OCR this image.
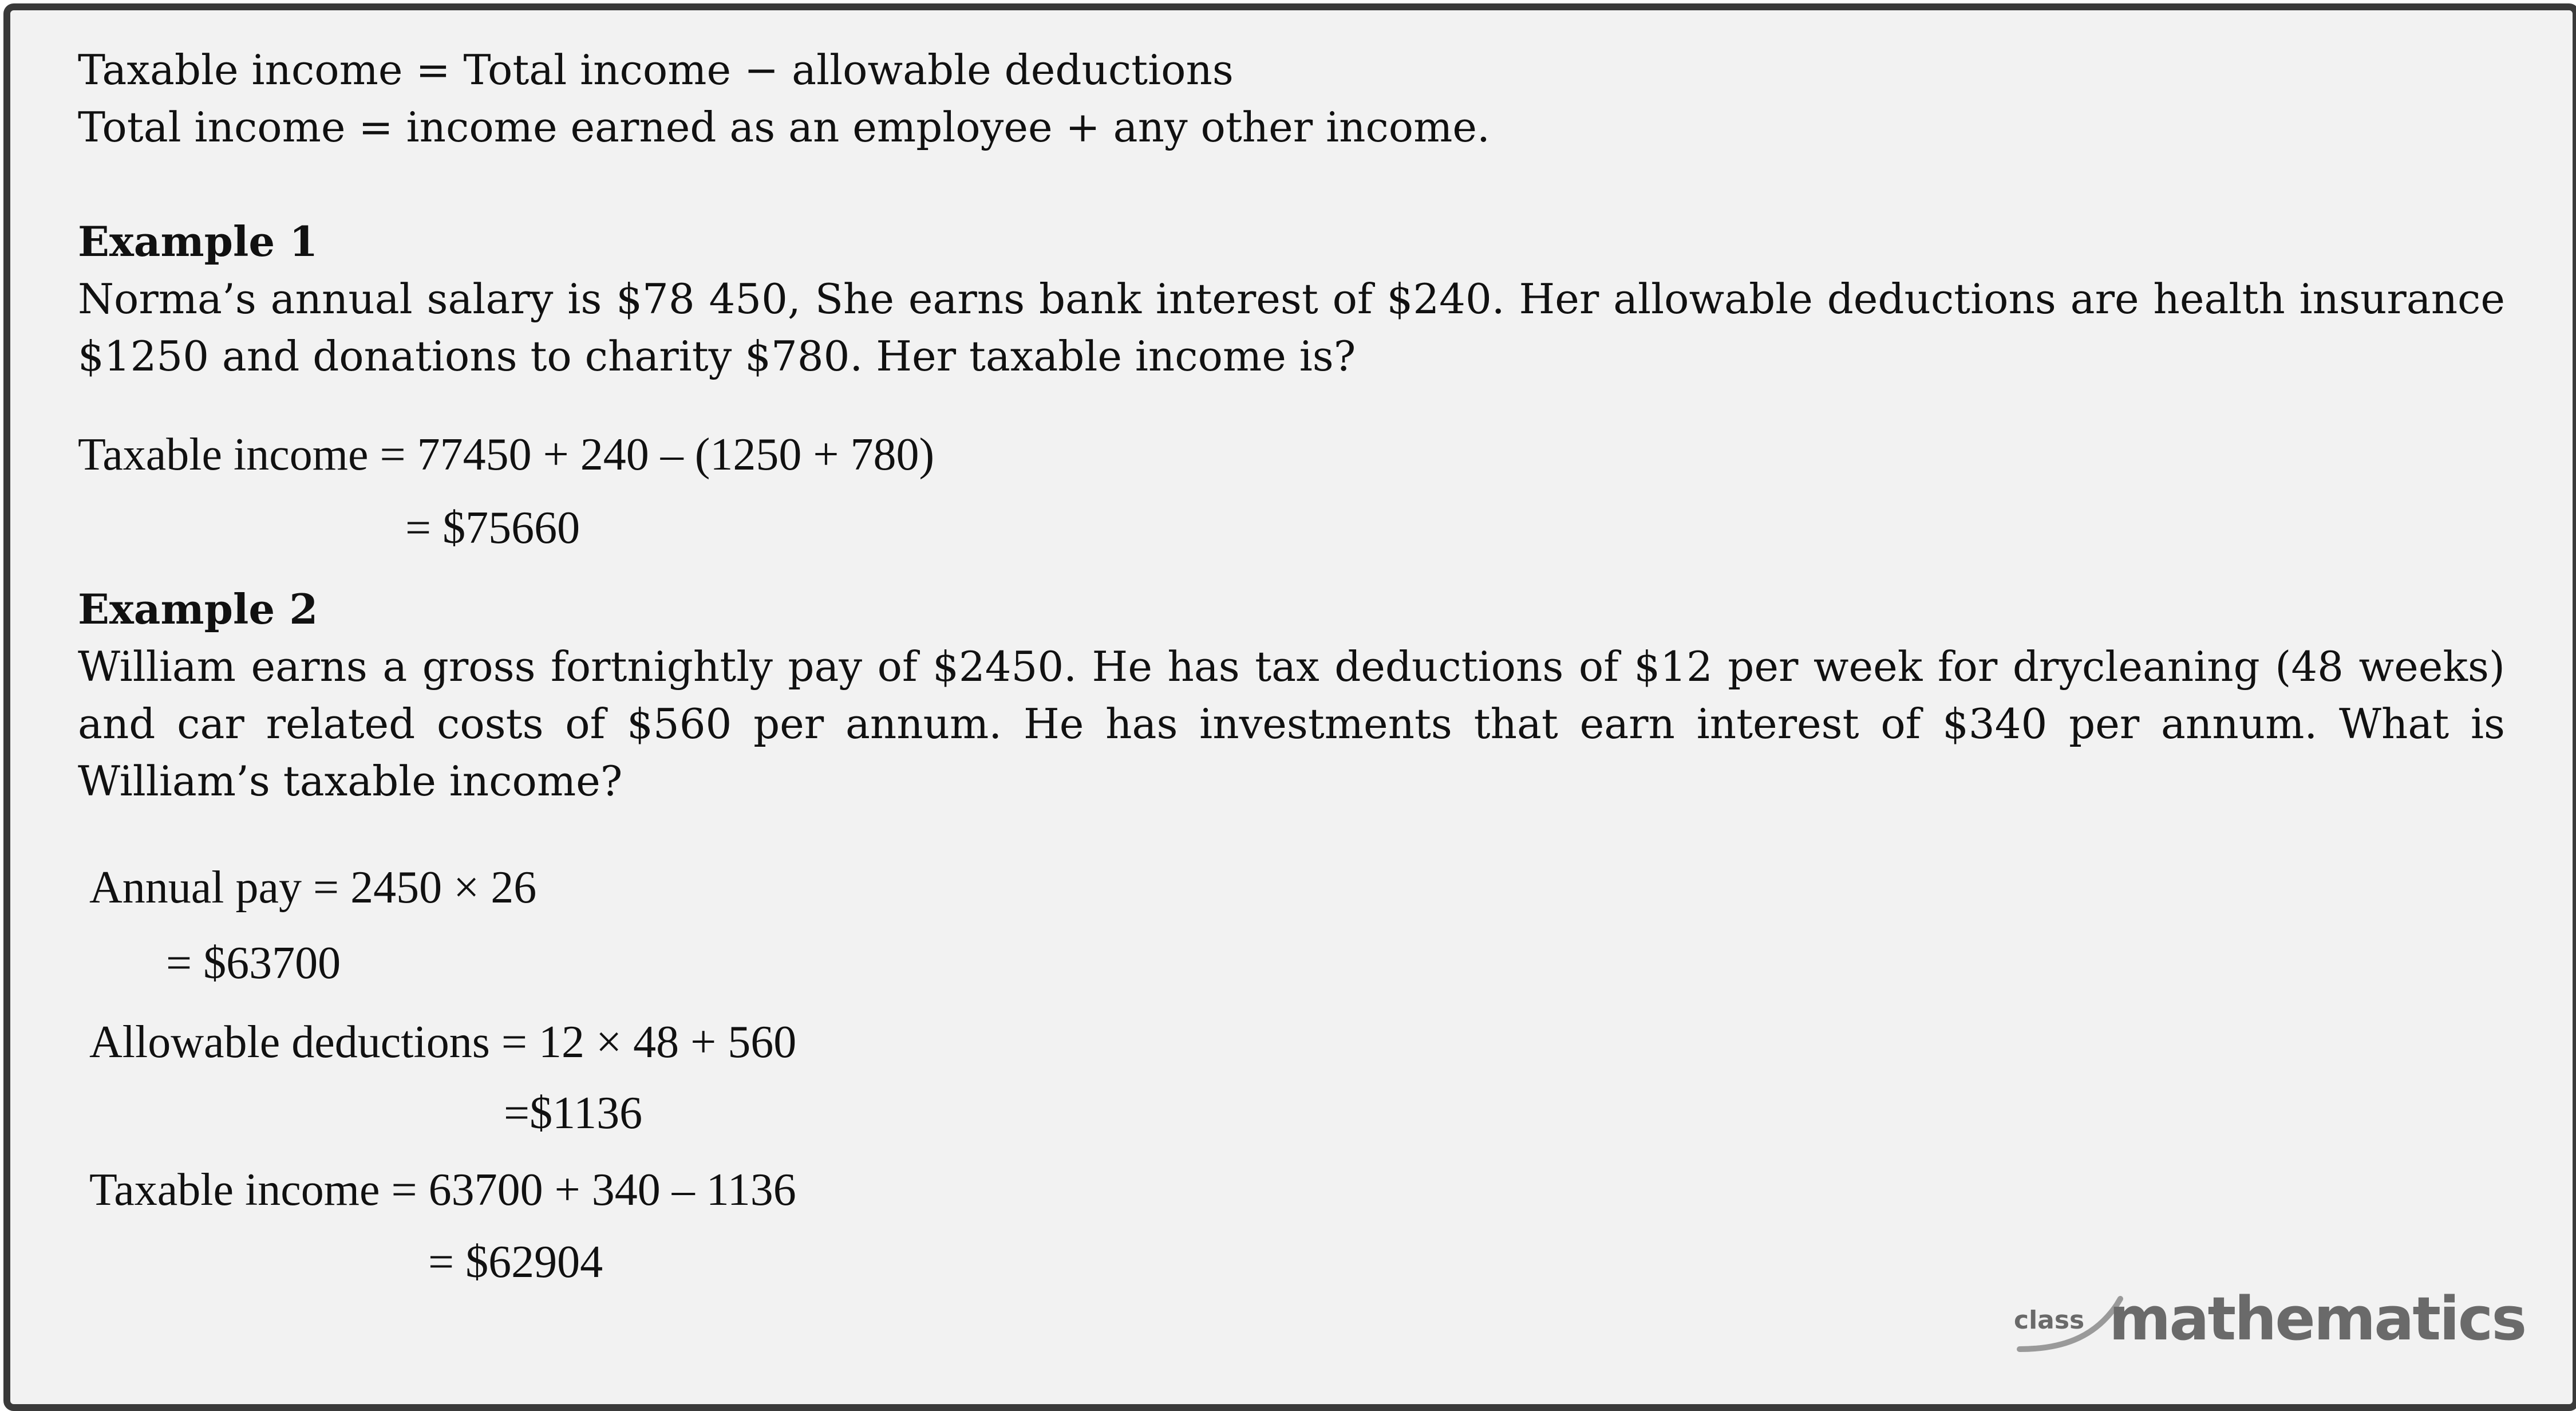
Taxable income = Total income − allowable deductions

Total income = income earned as an employee + any other income.

Example 1

Norma’s annual salary is $78 450, She earns bank interest of $240. Her allowable deductions are health insurance $1250 and donations to charity $780. Her taxable income is?

Taxable income = 77450 + 240 – (1250 + 780)

= $75660

Example 2

William earns a gross fortnightly pay of $2450. He has tax deductions of $12 per week for drycleaning (48 weeks) and car related costs of $560 per annum. He has investments that earn interest of $340 per annum. What is William’s taxable income?

Annual pay = 2450 × 26

= $63700

Allowable deductions = 12 × 48 + 560

=$1136

Taxable income = 63700 + 340 – 1136

= $62904

class mathematics
